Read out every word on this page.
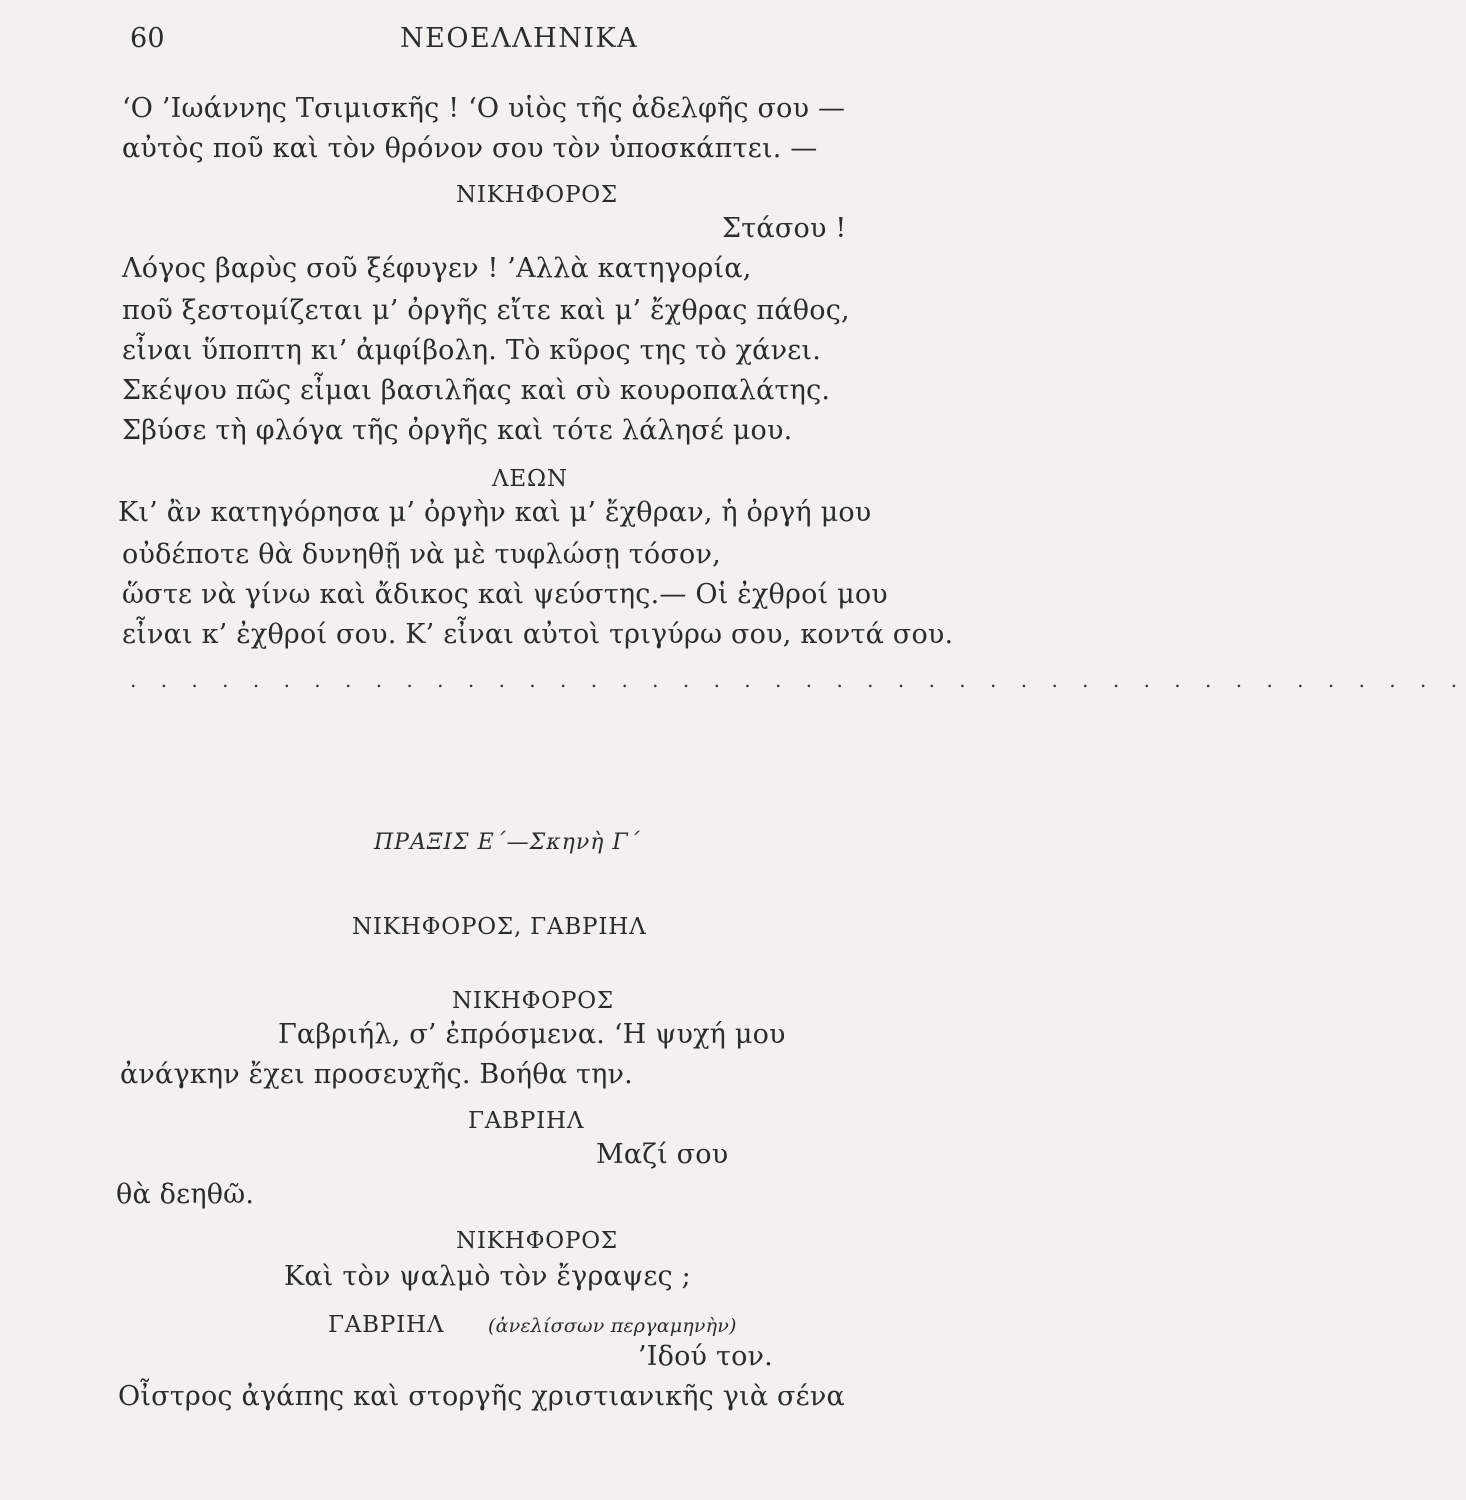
60	ΝΕΟΕΛΛΗΝΙΚΑ
‘Ο ’Ιωάννης Τσιμισκῆς ! ‘Ο υἱὸς τῆς ἀδελφῆς σου —
αὐτὸς ποῦ καὶ τὸν θρόνον σου τὸν ὑποσκάπτει. —
ΝΙΚΗΦΟΡΟΣ
Στάσου !
Λόγος βαρὺς σοῦ ξέφυγεν ! ’Αλλὰ κατηγορία,
ποῦ ξεστομίζεται μ’ ὀργῆς εἴτε καὶ μ’ ἔχθρας πάθος,
εἶναι ὕποπτη κι’ ἀμφίβολη. Τὸ κῦρος της τὸ χάνει.
Σκέψου πῶς εἶμαι βασιλῆας καὶ σὺ κουροπαλάτης.
Σβύσε τὴ φλόγα τῆς ὀργῆς καὶ τότε λάλησέ μου.
ΛΕΩΝ
Κι’ ἂν κατηγόρησα μ’ ὀργὴν καὶ μ’ ἔχθραν, ἡ ὀργή μου
οὐδέποτε θὰ δυνηθῇ νὰ μὲ τυφλώσῃ τόσον,
ὥστε νὰ γίνω καὶ ἄδικος καὶ ψεύστης.— Οἱ ἐχθροί μου
εἶναι κ’ ἐχθροί σου. Κ’ εἶναι αὐτοὶ τριγύρω σου, κοντά σου.
. . . . . . . . . . . . . . . . . . . . . . . . . . . . . . . . . . . . . . . . . . . .
ΠΡΑΞΙΣ Ε΄—Σκηνὴ Γ΄
ΝΙΚΗΦΟΡΟΣ, ΓΑΒΡΙΗΛ
ΝΙΚΗΦΟΡΟΣ
Γαβριήλ, σ’ ἐπρόσμενα. ‘Η ψυχή μου
ἀνάγκην ἔχει προσευχῆς. Βοήθα την.
ΓΑΒΡΙΗΛ
Μαζί σου
θὰ δεηθῶ.
ΝΙΚΗΦΟΡΟΣ
Καὶ τὸν ψαλμὸ τὸν ἔγραψες ;
ΓΑΒΡΙΗΛ (ἀνελίσσων περγαμηνὴν)
’Ιδού τον.
Οἶστρος ἀγάπης καὶ στοργῆς χριστιανικῆς γιὰ σένα
